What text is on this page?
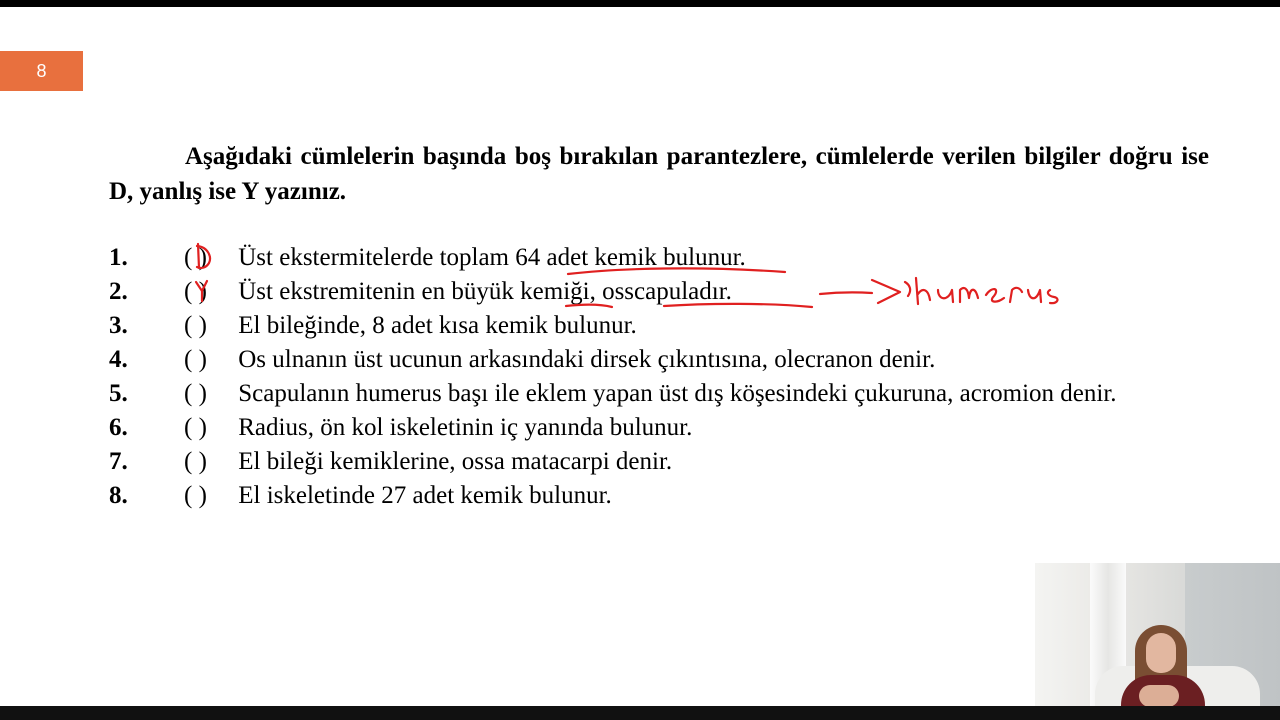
8

Aşağıdaki cümlelerin başında boş bırakılan parantezlere, cümlelerde verilen bilgiler doğru ise D, yanlış ise Y yazınız.

1. ( ) Üst ekstermitelerde toplam 64 adet kemik bulunur.
2. ( ) Üst ekstremitenin en büyük kemiği, osscapuladır.
3. ( ) El bileğinde, 8 adet kısa kemik bulunur.
4. ( ) Os ulnanın üst ucunun arkasındaki dirsek çıkıntısına, olecranon denir.
5. ( ) Scapulanın humerus başı ile eklem yapan üst dış köşesindeki çukuruna, acromion denir.
6. ( ) Radius, ön kol iskeletinin iç yanında bulunur.
7. ( ) El bileği kemiklerine, ossa matacarpi denir.
8. ( ) El iskeletinde 27 adet kemik bulunur.
